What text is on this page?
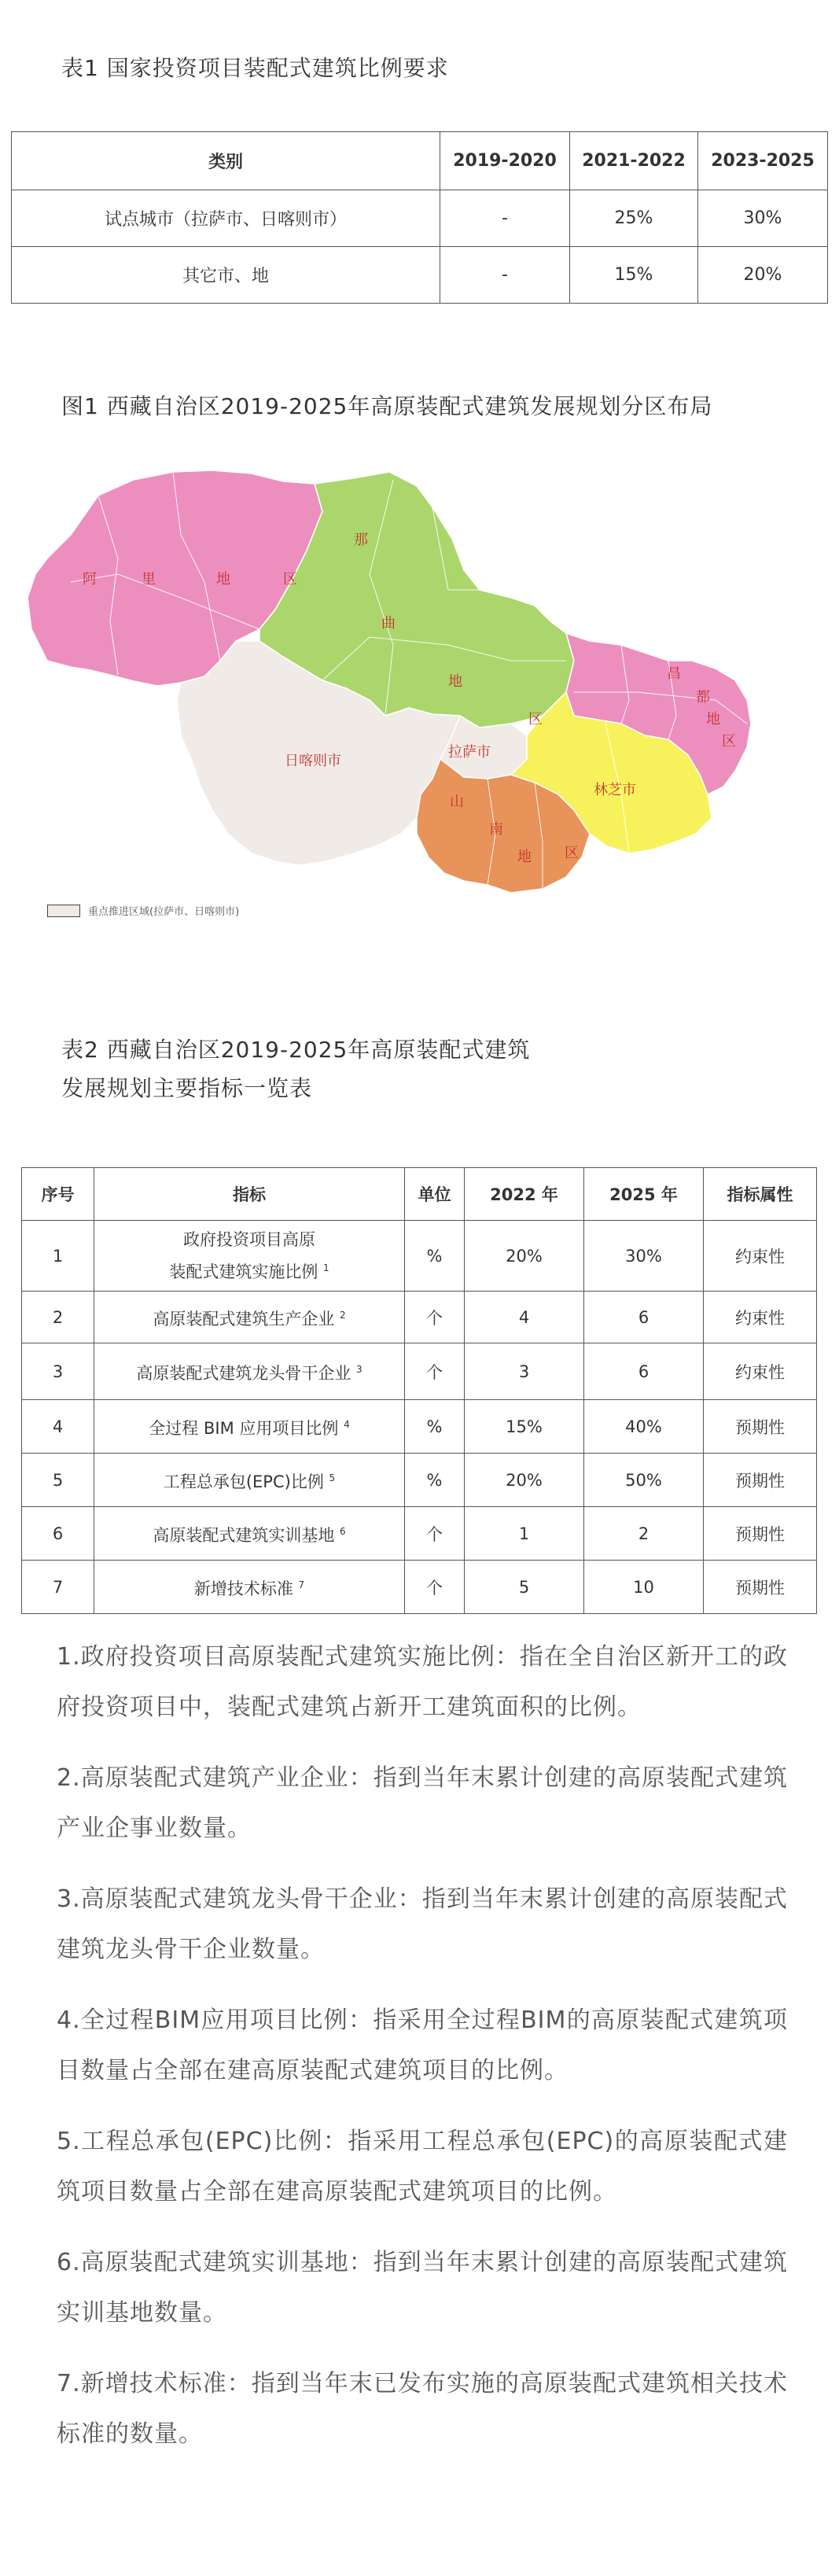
表1 国家投资项目装配式建筑比例要求
类别	2019-2020	2021-2022	2023-2025
试点城市（拉萨市、日喀则市）	-	25%	30%
其它市、地	-	15%	20%
图1 西藏自治区2019-2025年高原装配式建筑发展规划分区布局
阿	里	地	区
那
曲
地
区
昌
都
地
区
拉萨市
日喀则市
林芝市
山
南
地 区
重点推进区域(拉萨市、日喀则市)
表2 西藏自治区2019-2025年高原装配式建筑
发展规划主要指标一览表
序号	指标	单位	2022 年	2025 年	指标属性
1	政府投资项目高原
装配式建筑实施比例 $^1$	%	20%	30%	约束性
2	高原装配式建筑生产企业 $^2$	个	4	6	约束性
3	高原装配式建筑龙头骨干企业 $^3$	个	3	6	约束性
4	全过程 BIM 应用项目比例 $^4$	%	15%	40%	预期性
5	工程总承包(EPC)比例 $^5$	%	20%	50%	预期性
6	高原装配式建筑实训基地 $^6$	个	1	2	预期性
7	新增技术标准 $^7$	个	5	10	预期性

1.政府投资项目高原装配式建筑实施比例：指在全自治区新开工的政府投资项目中，装配式建筑占新开工建筑面积的比例。

2.高原装配式建筑产业企业：指到当年末累计创建的高原装配式建筑产业企事业数量。

3.高原装配式建筑龙头骨干企业：指到当年末累计创建的高原装配式建筑龙头骨干企业数量。

4.全过程BIM应用项目比例：指采用全过程BIM的高原装配式建筑项目数量占全部在建高原装配式建筑项目的比例。

5.工程总承包(EPC)比例：指采用工程总承包(EPC)的高原装配式建筑项目数量占全部在建高原装配式建筑项目的比例。

6.高原装配式建筑实训基地：指到当年末累计创建的高原装配式建筑实训基地数量。

7.新增技术标准：指到当年末已发布实施的高原装配式建筑相关技术标准的数量。
